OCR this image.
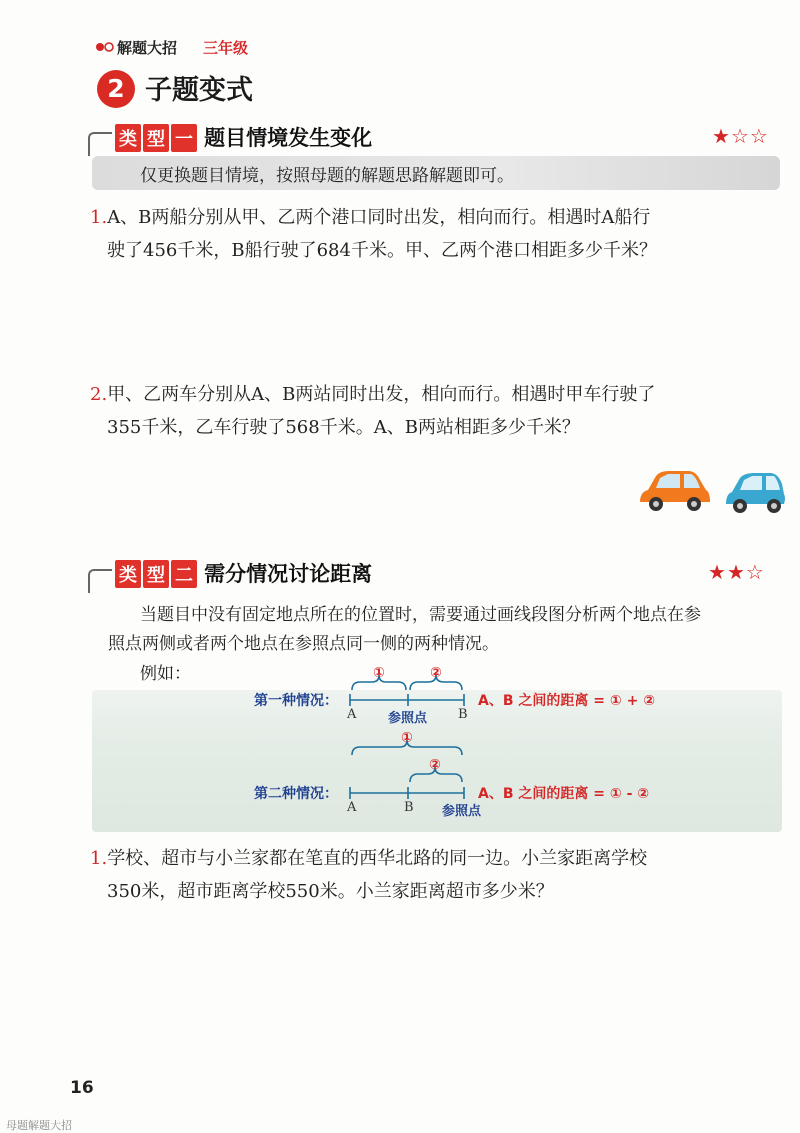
解题大招 三年级
2 子题变式
类 型 一 题目情境发生变化	★☆☆
仅更换题目情境，按照母题的解题思路解题即可。
1.A、B两船分别从甲、乙两个港口同时出发，相向而行。相遇时A船行
驶了456千米，B船行驶了684千米。甲、乙两个港口相距多少千米？
2.甲、乙两车分别从A、B两站同时出发，相向而行。相遇时甲车行驶了
355千米，乙车行驶了568千米。A、B两站相距多少千米？
类 型 二 需分情况讨论距离	★★☆
当题目中没有固定地点所在的位置时，需要通过画线段图分析两个地点在参
照点两侧或者两个地点在参照点同一侧的两种情况。
例如：	①	②
第一种情况：
A 参照点 B
A、B 之间的距离 = ① + ②
①
②
第二种情况：
A	B 参照点
A、B 之间的距离 = ① - ②
1.学校、超市与小兰家都在笔直的西华北路的同一边。小兰家距离学校
350米，超市距离学校550米。小兰家距离超市多少米？
16
母题解题大招
